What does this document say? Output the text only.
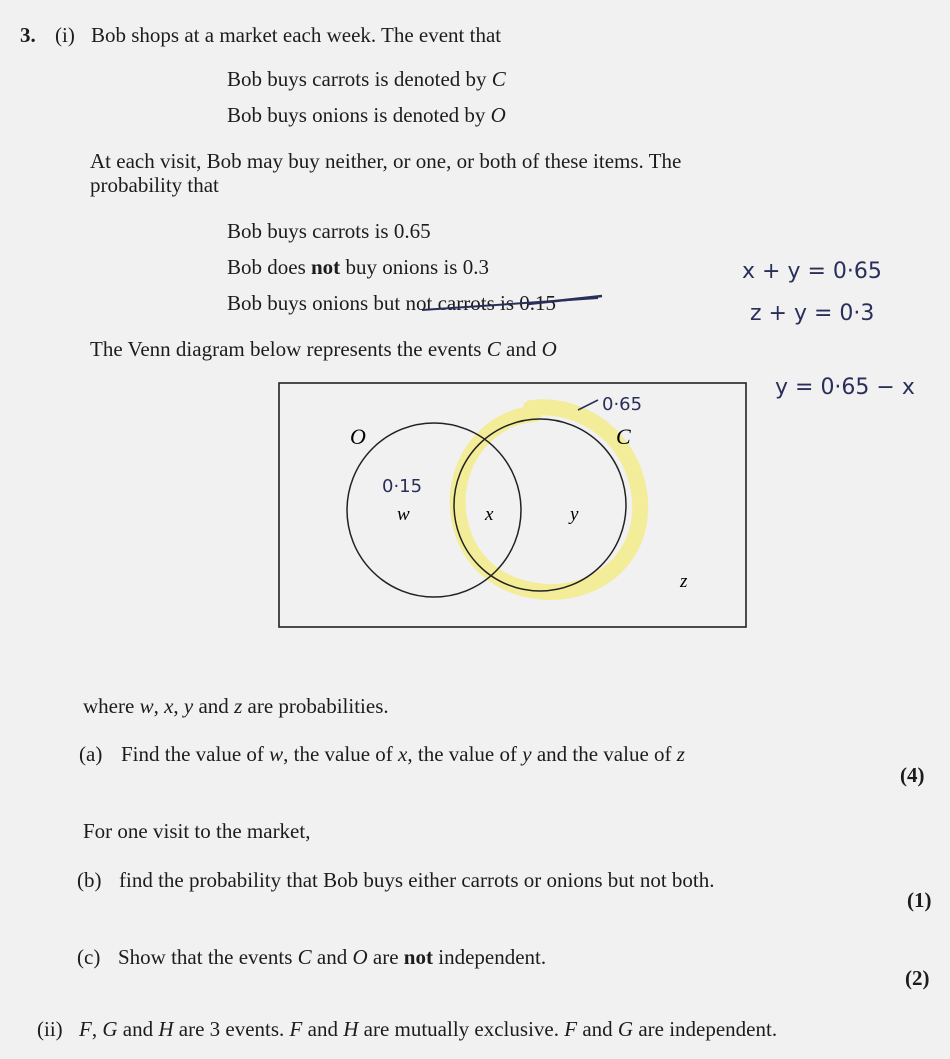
3. (i) Bob shops at a market each week. The event that
Bob buys carrots is denoted by C
Bob buys onions is denoted by O
At each visit, Bob may buy neither, or one, or both of these items. The
probability that
Bob buys carrots is 0.65
Bob does not buy onions is 0.3
Bob buys onions but not carrots is 0.15
The Venn diagram below represents the events C and O
x + y = 0·65
z + y = 0·3
y = 0·65 − x
O	C
w	x	y
z
0·15
0·65
where w, x, y and z are probabilities.
(a) Find the value of w, the value of x, the value of y and the value of z
(4)
For one visit to the market,
(b) find the probability that Bob buys either carrots or onions but not both.
(1)
(c) Show that the events C and O are not independent.
(2)
(ii) F, G and H are 3 events. F and H are mutually exclusive. F and G are independent.
